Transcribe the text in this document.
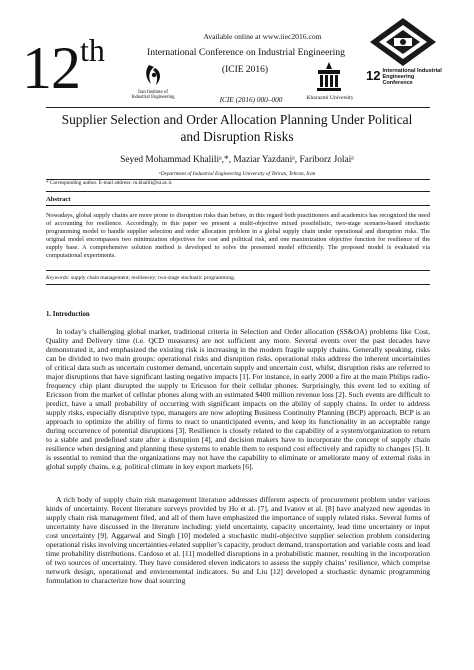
12th	Available online at www.iiec2016.com
International Conference on Industrial Engineering
(ICIE 2016)
Iran Institute of Industrial Engineering	ICIE (2016) 000–000	Kharazmi University
12 International Industrial Engineering Conference
Supplier Selection and Order Allocation Planning Under Political and Disruption Risks
Seyed Mohammad Khaliliᵃ,*, Maziar Yazdaniᵃ, Fariborz Jolaiᵃ
ᵃDepartment of Industrial Engineering University of Tehran, Tehran, Iran
* Corresponding author. E-mail address: m.khalili@ut.ac.ir.
Abstract
Nowadays, global supply chains are more prone to disruption risks than before, in this regard both practitioners and academics has recognized the need of accounting for resilience. Accordingly, in this paper we present a multi-objective mixed possibilistic, two-stage scenario-based stochastic programming model to handle supplier selection and order allocation problem in a global supply chain under operational and disruption risks. The original model encompasses two minimization objectives for cost and political risk, and one maximization objective function for resilience of the supply base. A comprehensive solution method is developed to solve the presented model efficiently. The proposed model is evaluated via computational experiments.
Keywords: supply chain management; resiliencey; two-stage stochastic programming.
1. Introduction
In today’s challenging global market, traditional criteria in Selection and Order allocation (SS&OA) problems like Cost, Quality and Delivery time (i.e. QCD measures) are not sufficient any more. Several events over the past decades have demonstrated it, and emphasized the existing risk is increasing in the modern fragile supply chains. Generally speaking, risks can be divided to two main groups: operational risks and disruption risks. operational risks address the inherent uncertainties of critical data such as uncertain customer demand, uncertain supply and uncertain cost, whilst, disruption risks are referred to major disruptions that have significant lasting negative impacts [1]. For instance, in early 2000 a fire at the main Philips radio-frequency chip plant disrupted the supply to Ericsson for their cellular phones. Surprisingly, this event led to exiting of Ericsson from the market of cellular phones along with an estimated $400 million revenue loss [2]. Such events are difficult to predict, have a small probability of occurring with significant impacts on the ability of supply chains. In order to address supply risks, especially disruptive type, managers are now adopting Business Continuity Planning (BCP) approach. BCP is an approach to optimize the ability of firms to react to unanticipated events, and keep its functionality in an acceptable range during occurrence of potential disruptions [3]. Resilience is closely related to the capability of a system/organization to return to a stable and predefined state after a disruption [4], and decision makers have to incorporate the concept of supply chain resilience when designing and planning these systems to enable them to respond cost effectively and rapidly to changes [5]. It is essential to remind that the organizations may not have the capability to eliminate or ameliorate many of external risks in global supply chains, e.g. political climate in key export markets [6].
A rich body of supply chain risk management literature addresses different aspects of procurement problem under various kinds of uncertainty. Recent literature surveys provided by Ho et al. [7], and Ivanov et al. [8] have analyzed new agendas in supply chain risk management filed, and all of them have emphasized the importance of supply related risks. Several forms of uncertainty have discussed in the literature including: yield uncertainty, capacity uncertainty, lead time uncertainty or input cost uncertainty [9]. Aggarwal and Singh [10] modeled a stochastic multi-objective supplier selection problem considering operational risks involving uncertainties-related supplier’s capacity, product demand, transportation and variable costs and lead time probability distributions. Cardoso et al. [11] modelled disruptions in a probabilistic manner, resulting in the incorporation of two sources of uncertainty. They have considered eleven indicators to assess the supply chains’ resilience, which comprise network design, operational and environmental indicators. Su and Liu [12] developed a stochastic dynamic programming formulation to characterize how dual sourcing
